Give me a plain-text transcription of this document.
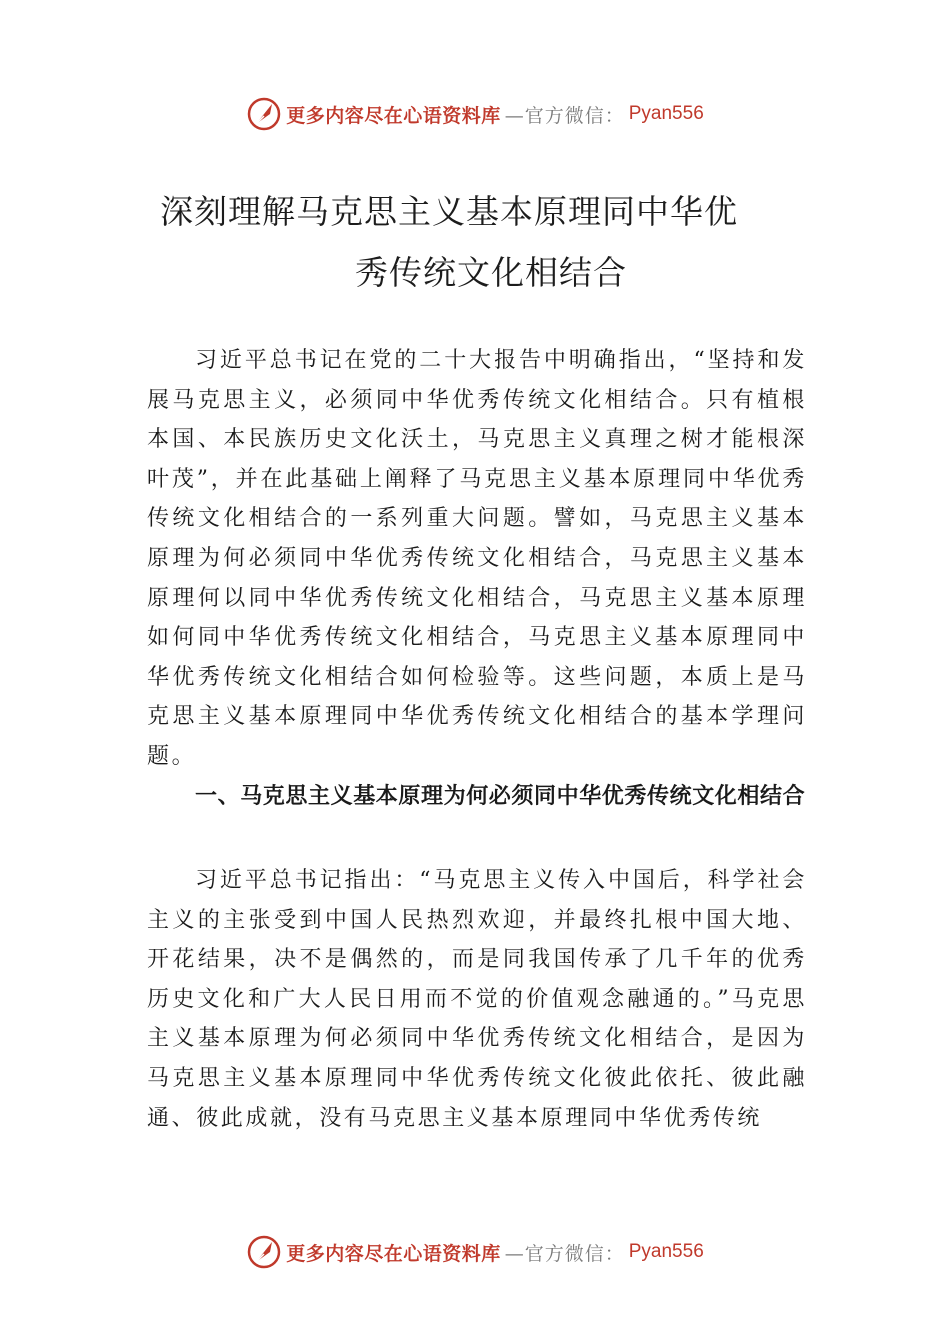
更多内容尽在心语资料库 —官方微信： Pyan556
深刻理解马克思主义基本原理同中华优
秀传统文化相结合

习近平总书记在党的二十大报告中明确指出，“坚持和发展马克思主义，必须同中华优秀传统文化相结合。只有植根本国、本民族历史文化沃土，马克思主义真理之树才能根深叶茂”，并在此基础上阐释了马克思主义基本原理同中华优秀传统文化相结合的一系列重大问题。譬如，马克思主义基本原理为何必须同中华优秀传统文化相结合，马克思主义基本原理何以同中华优秀传统文化相结合，马克思主义基本原理如何同中华优秀传统文化相结合，马克思主义基本原理同中华优秀传统文化相结合如何检验等。这些问题，本质上是马克思主义基本原理同中华优秀传统文化相结合的基本学理问题。

一、马克思主义基本原理为何必须同中华优秀传统文化相结合

习近平总书记指出：“马克思主义传入中国后，科学社会主义的主张受到中国人民热烈欢迎，并最终扎根中国大地、 开花结果，决不是偶然的，而是同我国传承了几千年的优秀历史文化和广大人民日用而不觉的价值观念融通的。”马克思主义基本原理为何必须同中华优秀传统文化相结合，是因为马克思主义基本原理同中华优秀传统文化彼此依托、彼此融通、彼此成就，没有马克思主义基本原理同中华优秀传统

更多内容尽在心语资料库 —官方微信： Pyan556
